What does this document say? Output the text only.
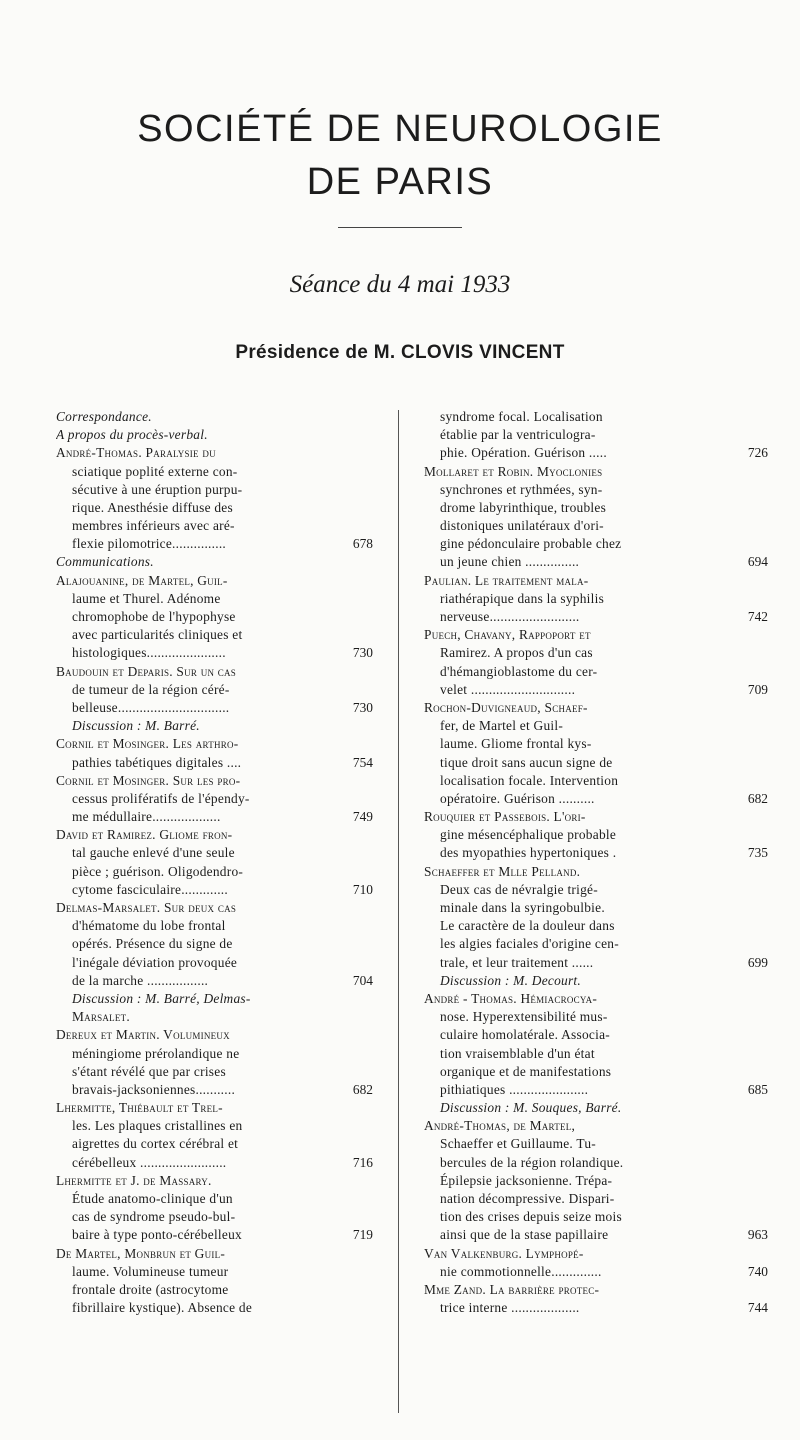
SOCIÉTÉ DE NEUROLOGIE
DE PARIS
Séance du 4 mai 1933
Présidence de M. CLOVIS VINCENT
Correspondance.
A propos du procès-verbal.
André-Thomas. Paralysie du
sciatique poplité externe con-
sécutive à une éruption purpu-
rique. Anesthésie diffuse des
membres inférieurs avec aré-
flexie pilomotrice...............	678
Communications.
Alajouanine, de Martel, Guil-
laume et Thurel. Adénome
chromophobe de l'hypophyse
avec particularités cliniques et
histologiques......................	730
Baudouin et Deparis. Sur un cas
de tumeur de la région céré-
belleuse...............................	730
Discussion : M. Barré.
Cornil et Mosinger. Les arthro-
pathies tabétiques digitales ....	754
Cornil et Mosinger. Sur les pro-
cessus prolifératifs de l'épendy-
me médullaire...................	749
David et Ramirez. Gliome fron-
tal gauche enlevé d'une seule
pièce ; guérison. Oligodendro-
cytome fasciculaire.............	710
Delmas-Marsalet. Sur deux cas
d'hématome du lobe frontal
opérés. Présence du signe de
l'inégale déviation provoquée
de la marche .................	704
Discussion : M. Barré, Delmas-
Marsalet.
Dereux et Martin. Volumineux
méningiome prérolandique ne
s'étant révélé que par crises
bravais-jacksoniennes...........	682
Lhermitte, Thiébault et Trel-
les. Les plaques cristallines en
aigrettes du cortex cérébral et
cérébelleux ........................	716
Lhermitte et J. de Massary.
Étude anatomo-clinique d'un
cas de syndrome pseudo-bul-
baire à type ponto-cérébelleux	719
De Martel, Monbrun et Guil-
laume. Volumineuse tumeur
frontale droite (astrocytome
fibrillaire kystique). Absence de
syndrome focal. Localisation
établie par la ventriculogra-
phie. Opération. Guérison .....	726
Mollaret et Robin. Myoclonies
synchrones et rythmées, syn-
drome labyrinthique, troubles
distoniques unilatéraux d'ori-
gine pédonculaire probable chez
un jeune chien ...............	694
Paulian. Le traitement mala-
riathérapique dans la syphilis
nerveuse.........................	742
Puech, Chavany, Rappoport et
Ramirez. A propos d'un cas
d'hémangioblastome du cer-
velet .............................	709
Rochon-Duvigneaud, Schaef-
fer, de Martel et Guil-
laume. Gliome frontal kys-
tique droit sans aucun signe de
localisation focale. Intervention
opératoire. Guérison ..........	682
Rouquier et Passebois. L'ori-
gine mésencéphalique probable
des myopathies hypertoniques .	735
Schaeffer et Mlle Pelland.
Deux cas de névralgie trigé-
minale dans la syringobulbie.
Le caractère de la douleur dans
les algies faciales d'origine cen-
trale, et leur traitement ......	699
Discussion : M. Decourt.
André - Thomas. Hémiacrocya-
nose. Hyperextensibilité mus-
culaire homolatérale. Associa-
tion vraisemblable d'un état
organique et de manifestations
pithiatiques ......................	685
Discussion : M. Souques, Barré.
André-Thomas, de Martel,
Schaeffer et Guillaume. Tu-
bercules de la région rolandique.
Épilepsie jacksonienne. Trépa-
nation décompressive. Dispari-
tion des crises depuis seize mois
ainsi que de la stase papillaire	963
Van Valkenburg. Lymphopé-
nie commotionnelle..............	740
Mme Zand. La barrière protec-
trice interne ...................	744
